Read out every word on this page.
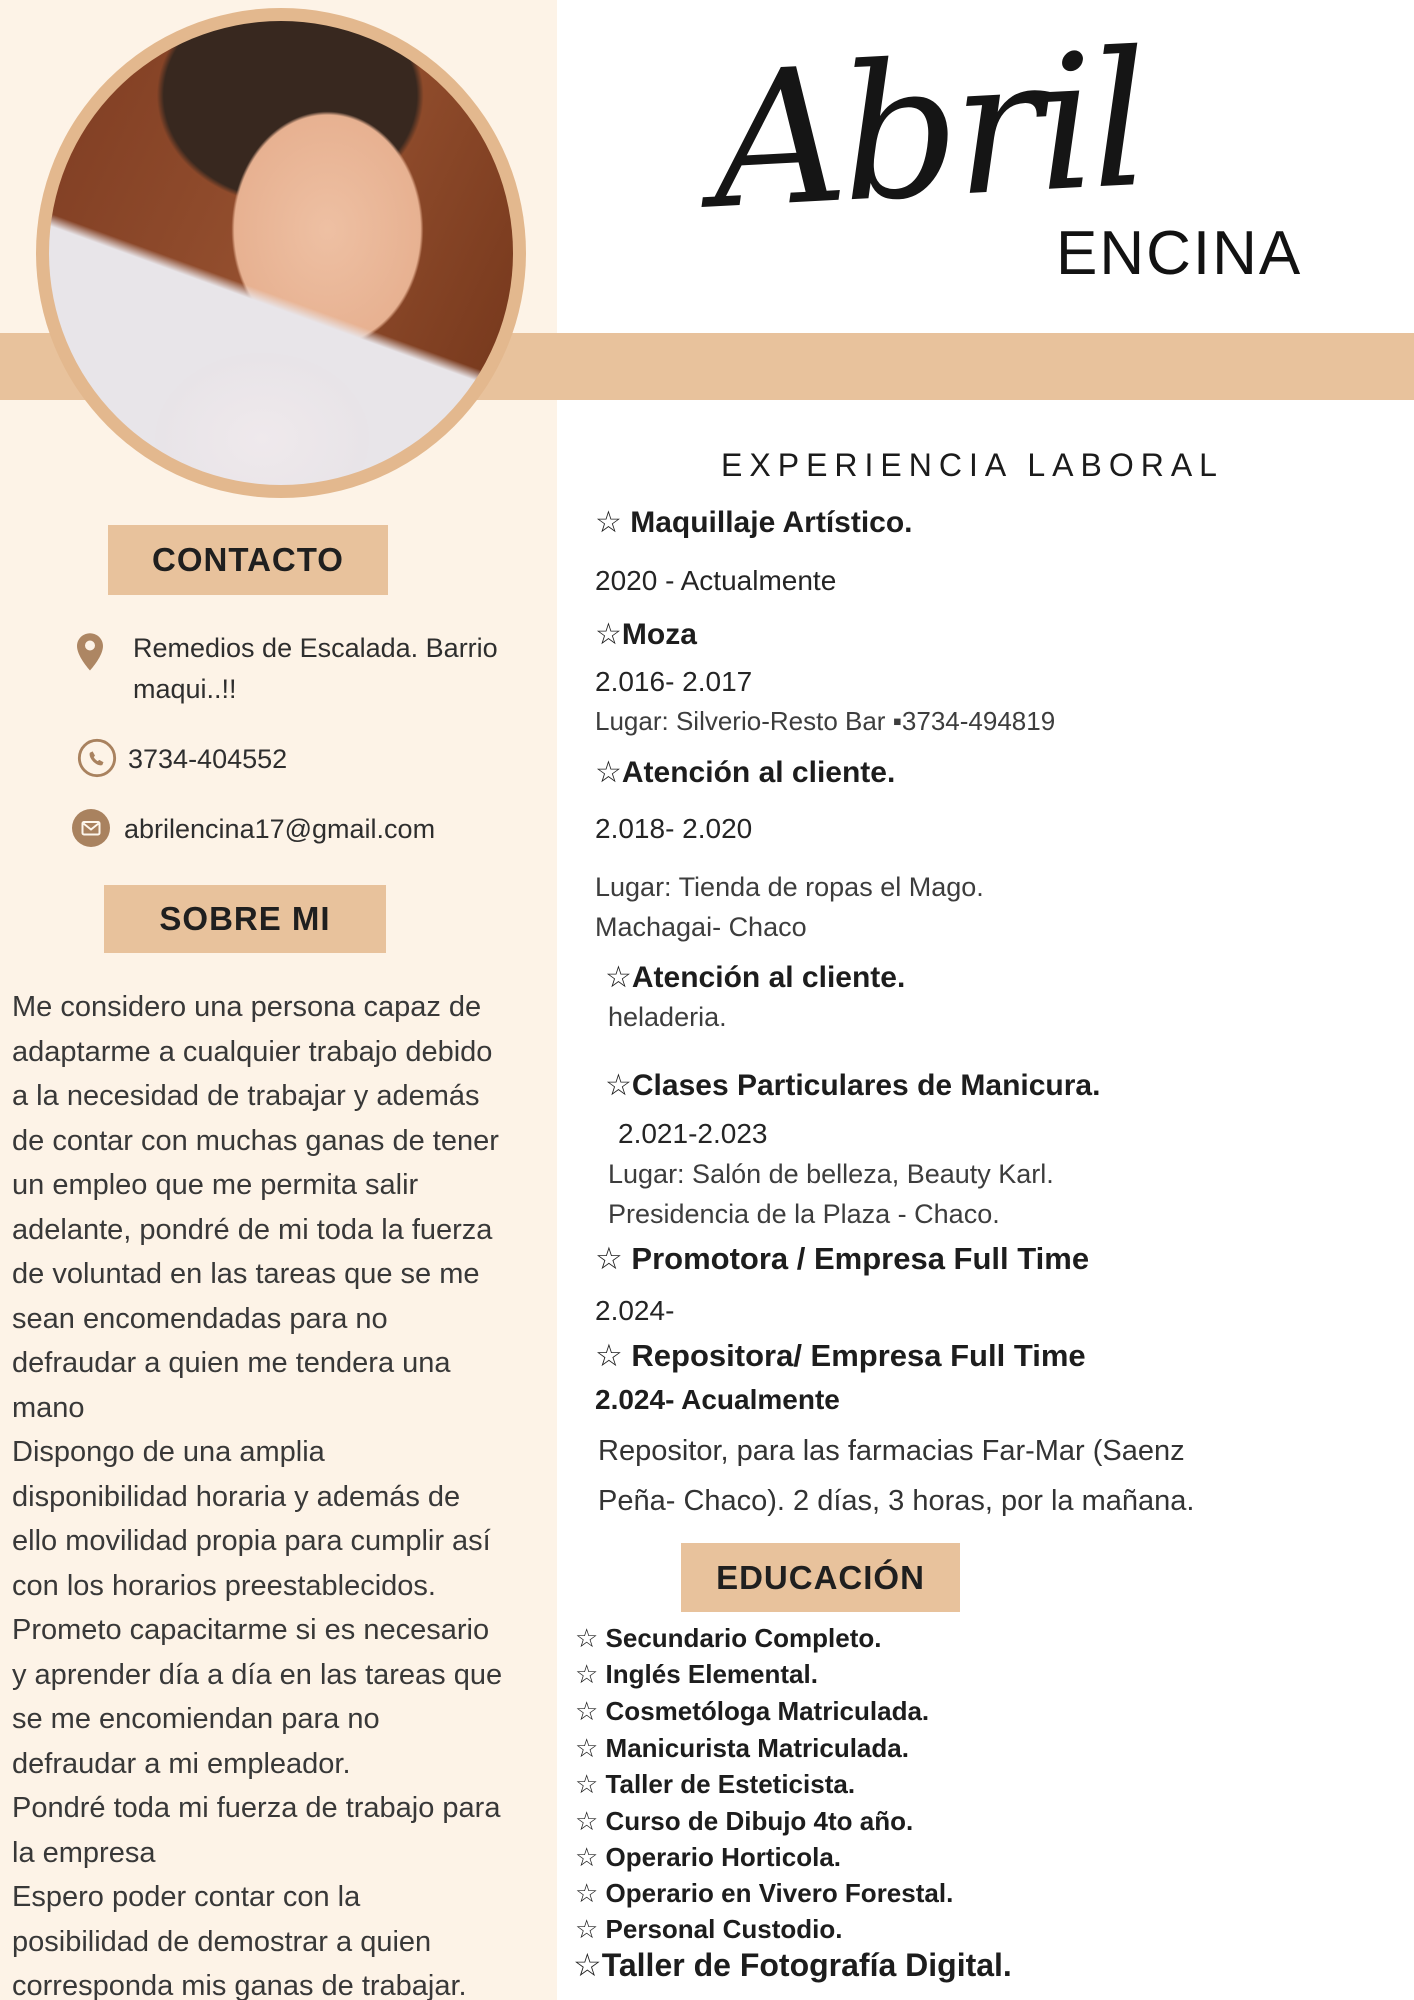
Abril
ENCINA
CONTACTO
Remedios de Escalada. Barrio
maqui..!!
3734-404552
abrilencina17@gmail.com
SOBRE MI
Me considero una persona capaz de
adaptarme a cualquier trabajo debido
a la necesidad de trabajar y además
de contar con muchas ganas de tener
un empleo que me permita salir
adelante, pondré de mi toda la fuerza
de voluntad en las tareas que se me
sean encomendadas para no
defraudar a quien me tendera una
mano
Dispongo de una amplia
disponibilidad horaria y además de
ello movilidad propia para cumplir así
con los horarios preestablecidos.
Prometo capacitarme si es necesario
y aprender día a día en las tareas que
se me encomiendan para no
defraudar a mi empleador.
Pondré toda mi fuerza de trabajo para
la empresa
Espero poder contar con la
posibilidad de demostrar a quien
corresponda mis ganas de trabajar.
EXPERIENCIA LABORAL
☆ Maquillaje Artístico.
2020 - Actualmente
☆Moza
2.016- 2.017
Lugar: Silverio-Resto Bar ▪3734-494819
☆Atención al cliente.
2.018- 2.020
Lugar: Tienda de ropas el Mago.
Machagai- Chaco
☆Atención al cliente.
heladeria.
☆Clases Particulares de Manicura.
2.021-2.023
Lugar: Salón de belleza, Beauty Karl.
Presidencia de la Plaza - Chaco.
☆ Promotora / Empresa Full Time
2.024-
☆ Repositora/ Empresa Full Time
2.024- Acualmente
Repositor, para las farmacias Far-Mar (Saenz
Peña- Chaco). 2 días, 3 horas, por la mañana.
EDUCACIÓN
☆ Secundario Completo.
☆ Inglés Elemental.
☆ Cosmetóloga Matriculada.
☆ Manicurista Matriculada.
☆ Taller de Esteticista.
☆ Curso de Dibujo 4to año.
☆ Operario Horticola.
☆ Operario en Vivero Forestal.
☆ Personal Custodio.
☆Taller de Fotografía Digital.
